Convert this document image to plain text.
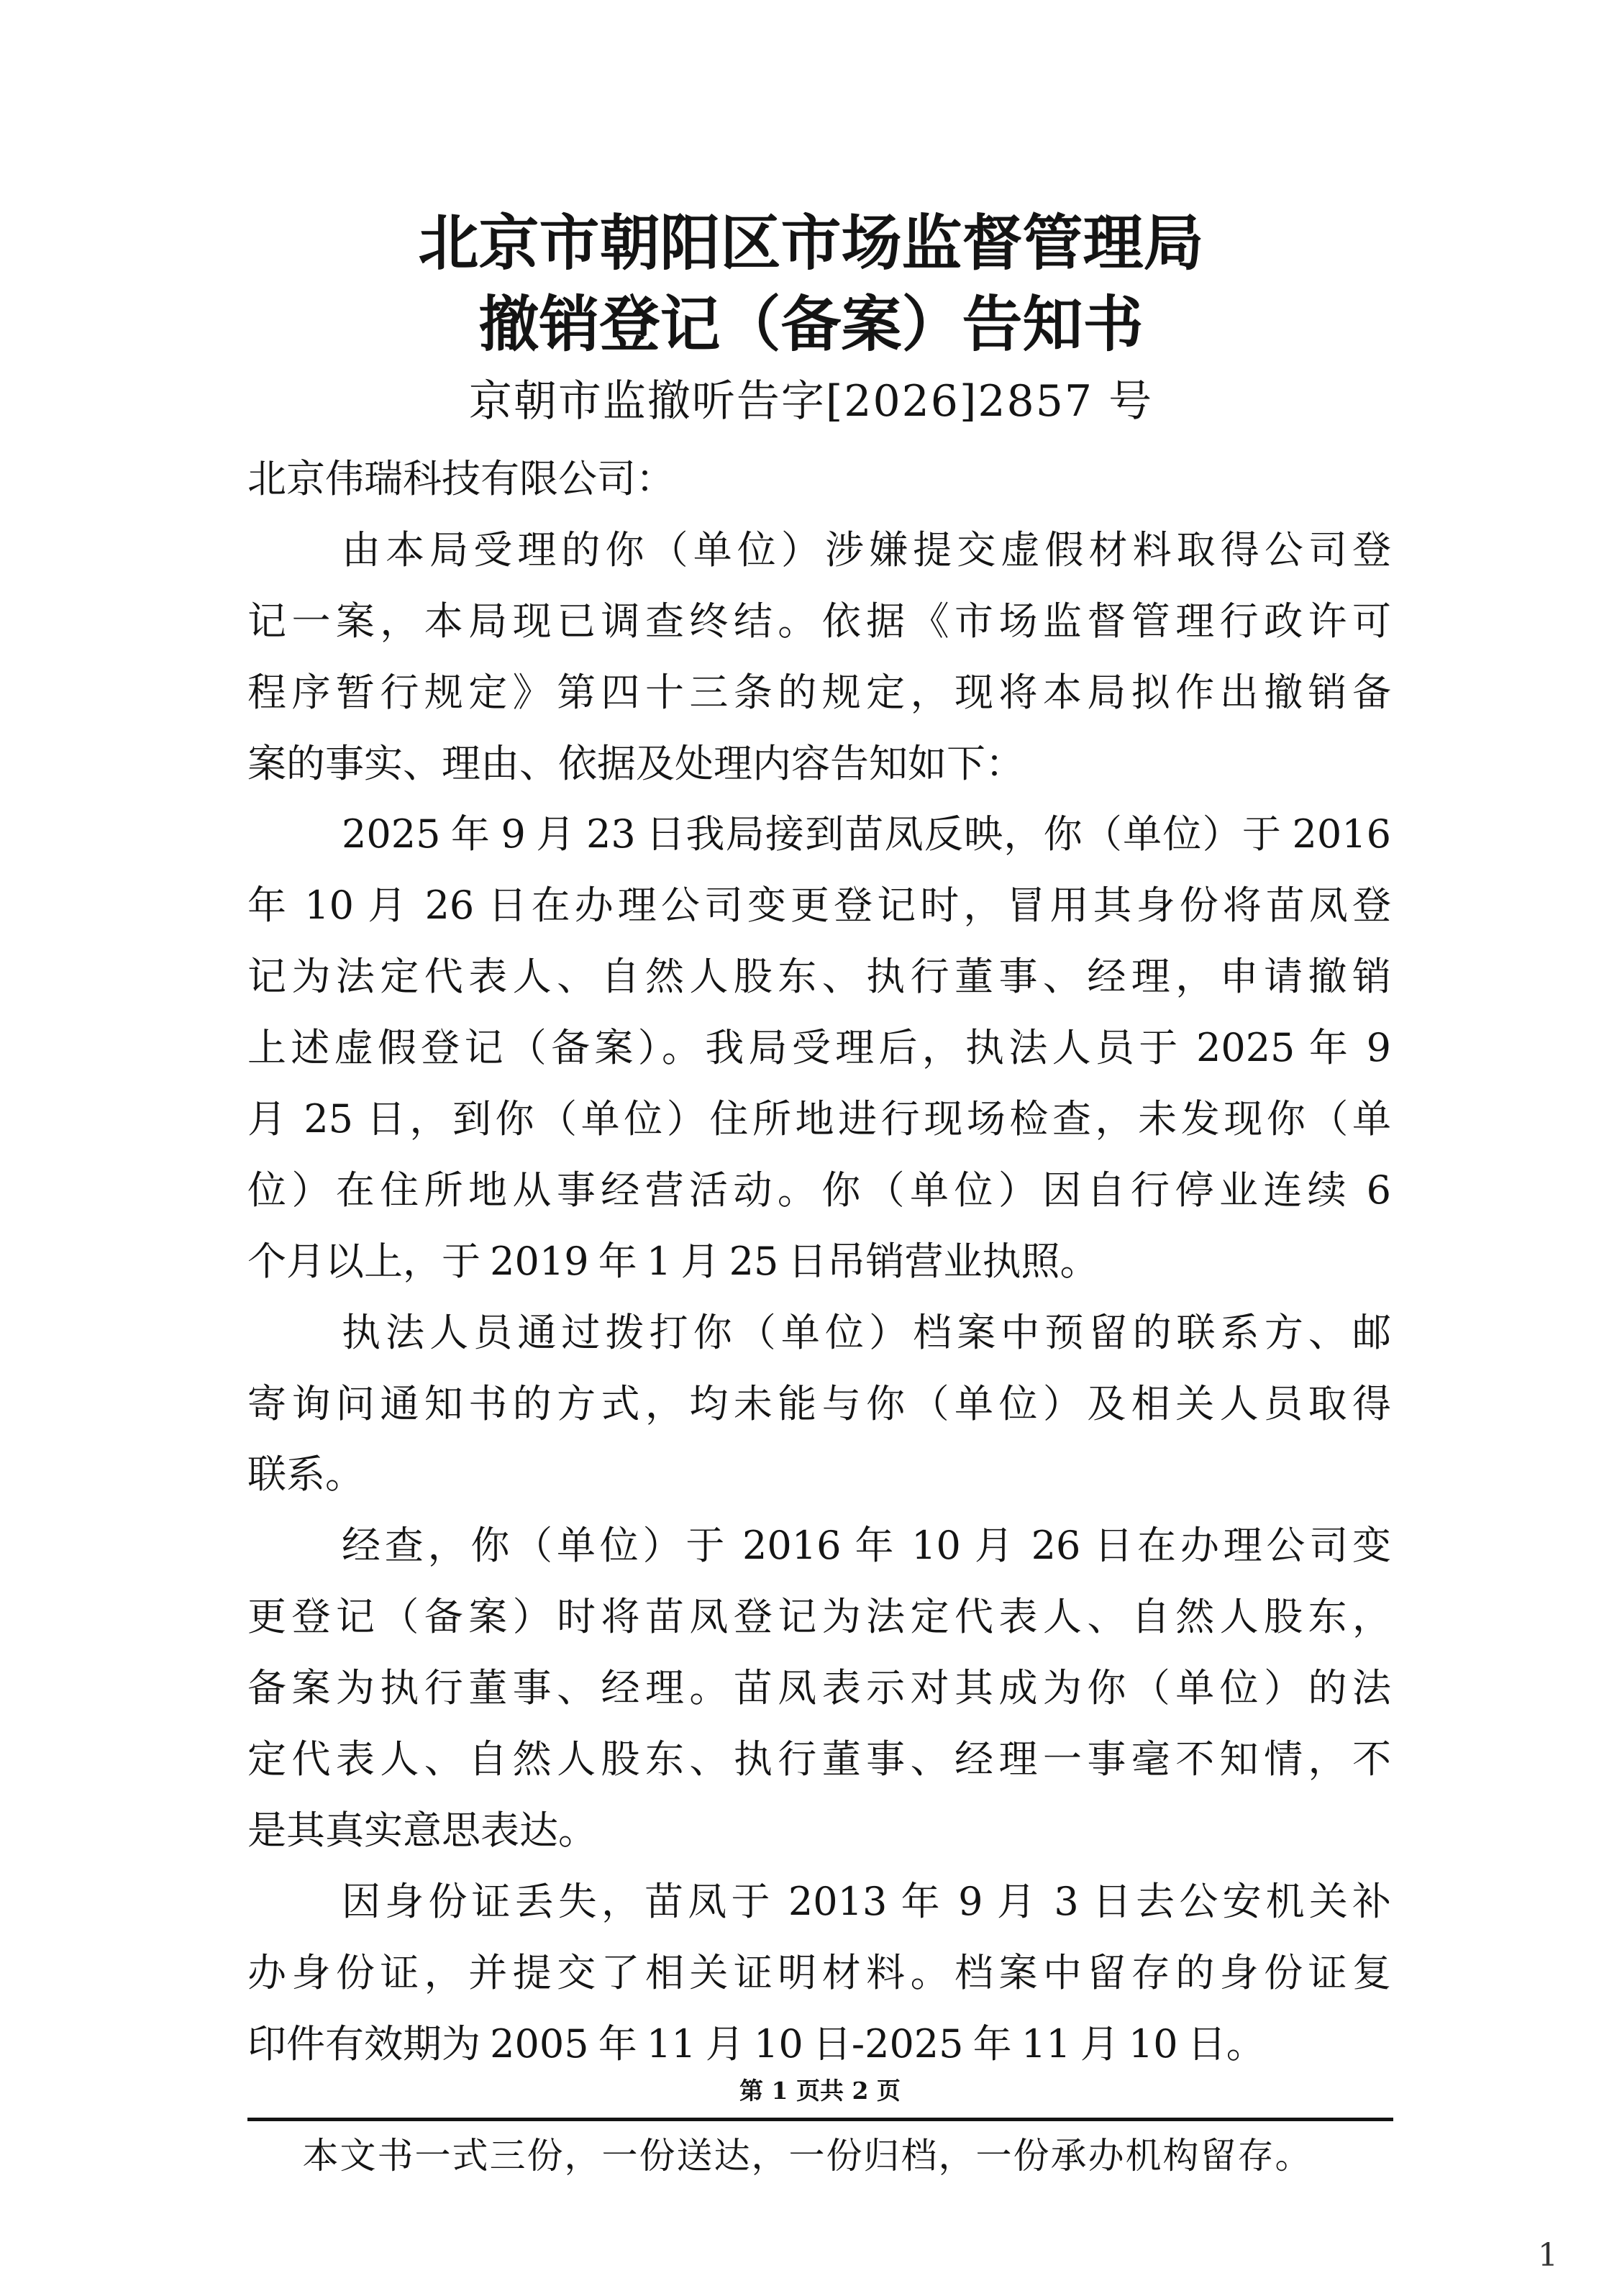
北京市朝阳区市场监督管理局
撤销登记（备案）告知书
京朝市监撤听告字[2026]2857 号
北京伟瑞科技有限公司：
由本局受理的你（单位）涉嫌提交虚假材料取得公司登
记一案，本局现已调查终结。依据《市场监督管理行政许可
程序暂行规定》第四十三条的规定，现将本局拟作出撤销备
案的事实、理由、依据及处理内容告知如下：
2025 年 9 月 23 日我局接到苗凤反映，你（单位）于 2016
年 10 月 26 日在办理公司变更登记时，冒用其身份将苗凤登
记为法定代表人、自然人股东、执行董事、经理，申请撤销
上述虚假登记（备案）。我局受理后，执法人员于 2025 年 9
月 25 日，到你（单位）住所地进行现场检查，未发现你（单
位）在住所地从事经营活动。你（单位）因自行停业连续 6
个月以上，于 2019 年 1 月 25 日吊销营业执照。
执法人员通过拨打你（单位）档案中预留的联系方、邮
寄询问通知书的方式，均未能与你（单位）及相关人员取得
联系。
经查，你（单位）于 2016 年 10 月 26 日在办理公司变
更登记（备案）时将苗凤登记为法定代表人、自然人股东，
备案为执行董事、经理。苗凤表示对其成为你（单位）的法
定代表人、自然人股东、执行董事、经理一事毫不知情，不
是其真实意思表达。
因身份证丢失，苗凤于 2013 年 9 月 3 日去公安机关补
办身份证，并提交了相关证明材料。档案中留存的身份证复
印件有效期为 2005 年 11 月 10 日-2025 年 11 月 10 日。
第 1 页共 2 页
本文书一式三份，一份送达，一份归档，一份承办机构留存。
1
